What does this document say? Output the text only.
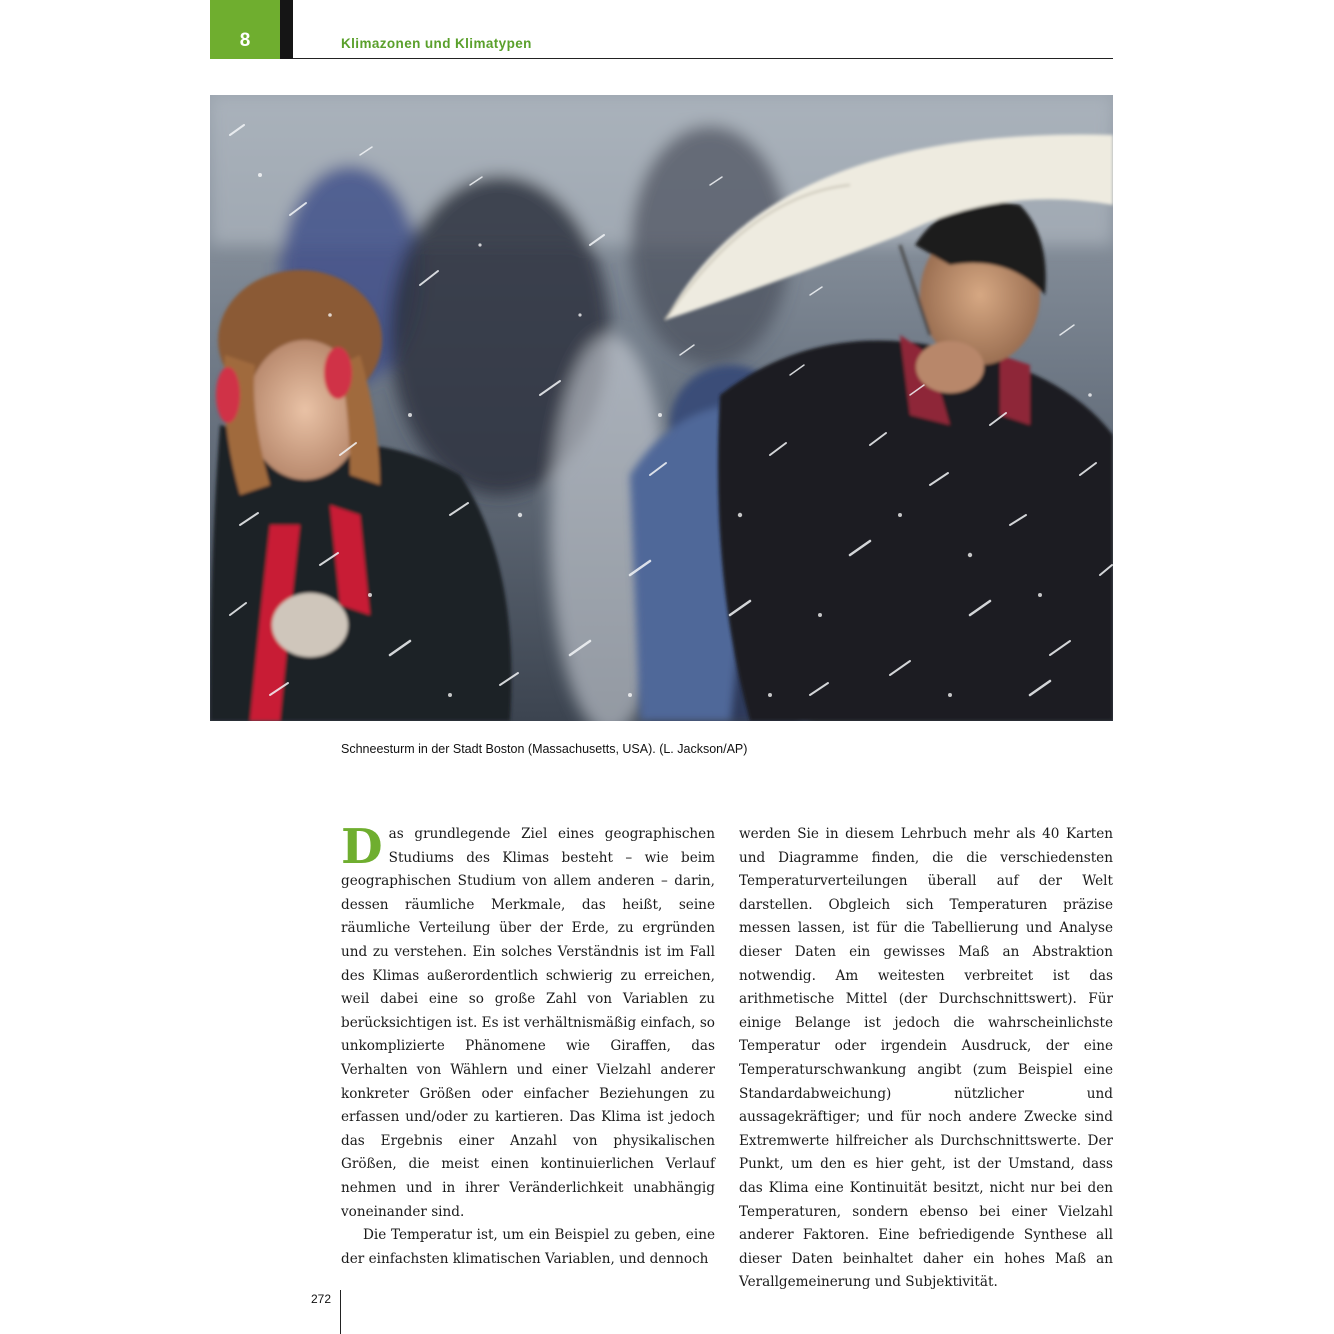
8	Klimazonen und Klimatypen
Schneesturm in der Stadt Boston (Massachusetts, USA). (L. Jackson/AP)

Das grundlegende Ziel eines geographischen Studiums des Klimas besteht – wie beim geographischen Studium von allem anderen – darin, dessen räumliche Merkmale, das heißt, seine räumliche Verteilung über der Erde, zu ergründen und zu verstehen. Ein solches Verständnis ist im Fall des Klimas außerordentlich schwierig zu erreichen, weil dabei eine so große Zahl von Variablen zu berücksichtigen ist. Es ist verhältnismäßig einfach, so unkomplizierte Phänomene wie Giraffen, das Verhalten von Wählern und einer Vielzahl anderer konkreter Größen oder einfacher Beziehungen zu erfassen und/oder zu kartieren. Das Klima ist jedoch das Ergebnis einer Anzahl von physikalischen Größen, die meist einen kontinuierlichen Verlauf nehmen und in ihrer Veränderlichkeit unabhängig voneinander sind.

Die Temperatur ist, um ein Beispiel zu geben, eine der einfachsten klimatischen Variablen, und dennoch

werden Sie in diesem Lehrbuch mehr als 40 Karten und Diagramme finden, die die verschiedensten Temperaturverteilungen überall auf der Welt darstellen. Obgleich sich Temperaturen präzise messen lassen, ist für die Tabellierung und Analyse dieser Daten ein gewisses Maß an Abstraktion notwendig. Am weitesten verbreitet ist das arithmetische Mittel (der Durchschnittswert). Für einige Belange ist jedoch die wahrscheinlichste Temperatur oder irgendein Ausdruck, der eine Temperaturschwankung angibt (zum Beispiel eine Standardabweichung) nützlicher und aussagekräftiger; und für noch andere Zwecke sind Extremwerte hilfreicher als Durchschnittswerte. Der Punkt, um den es hier geht, ist der Umstand, dass das Klima eine Kontinuität besitzt, nicht nur bei den Temperaturen, sondern ebenso bei einer Vielzahl anderer Faktoren. Eine befriedigende Synthese all dieser Daten beinhaltet daher ein hohes Maß an Verallgemeinerung und Subjektivität.

272
